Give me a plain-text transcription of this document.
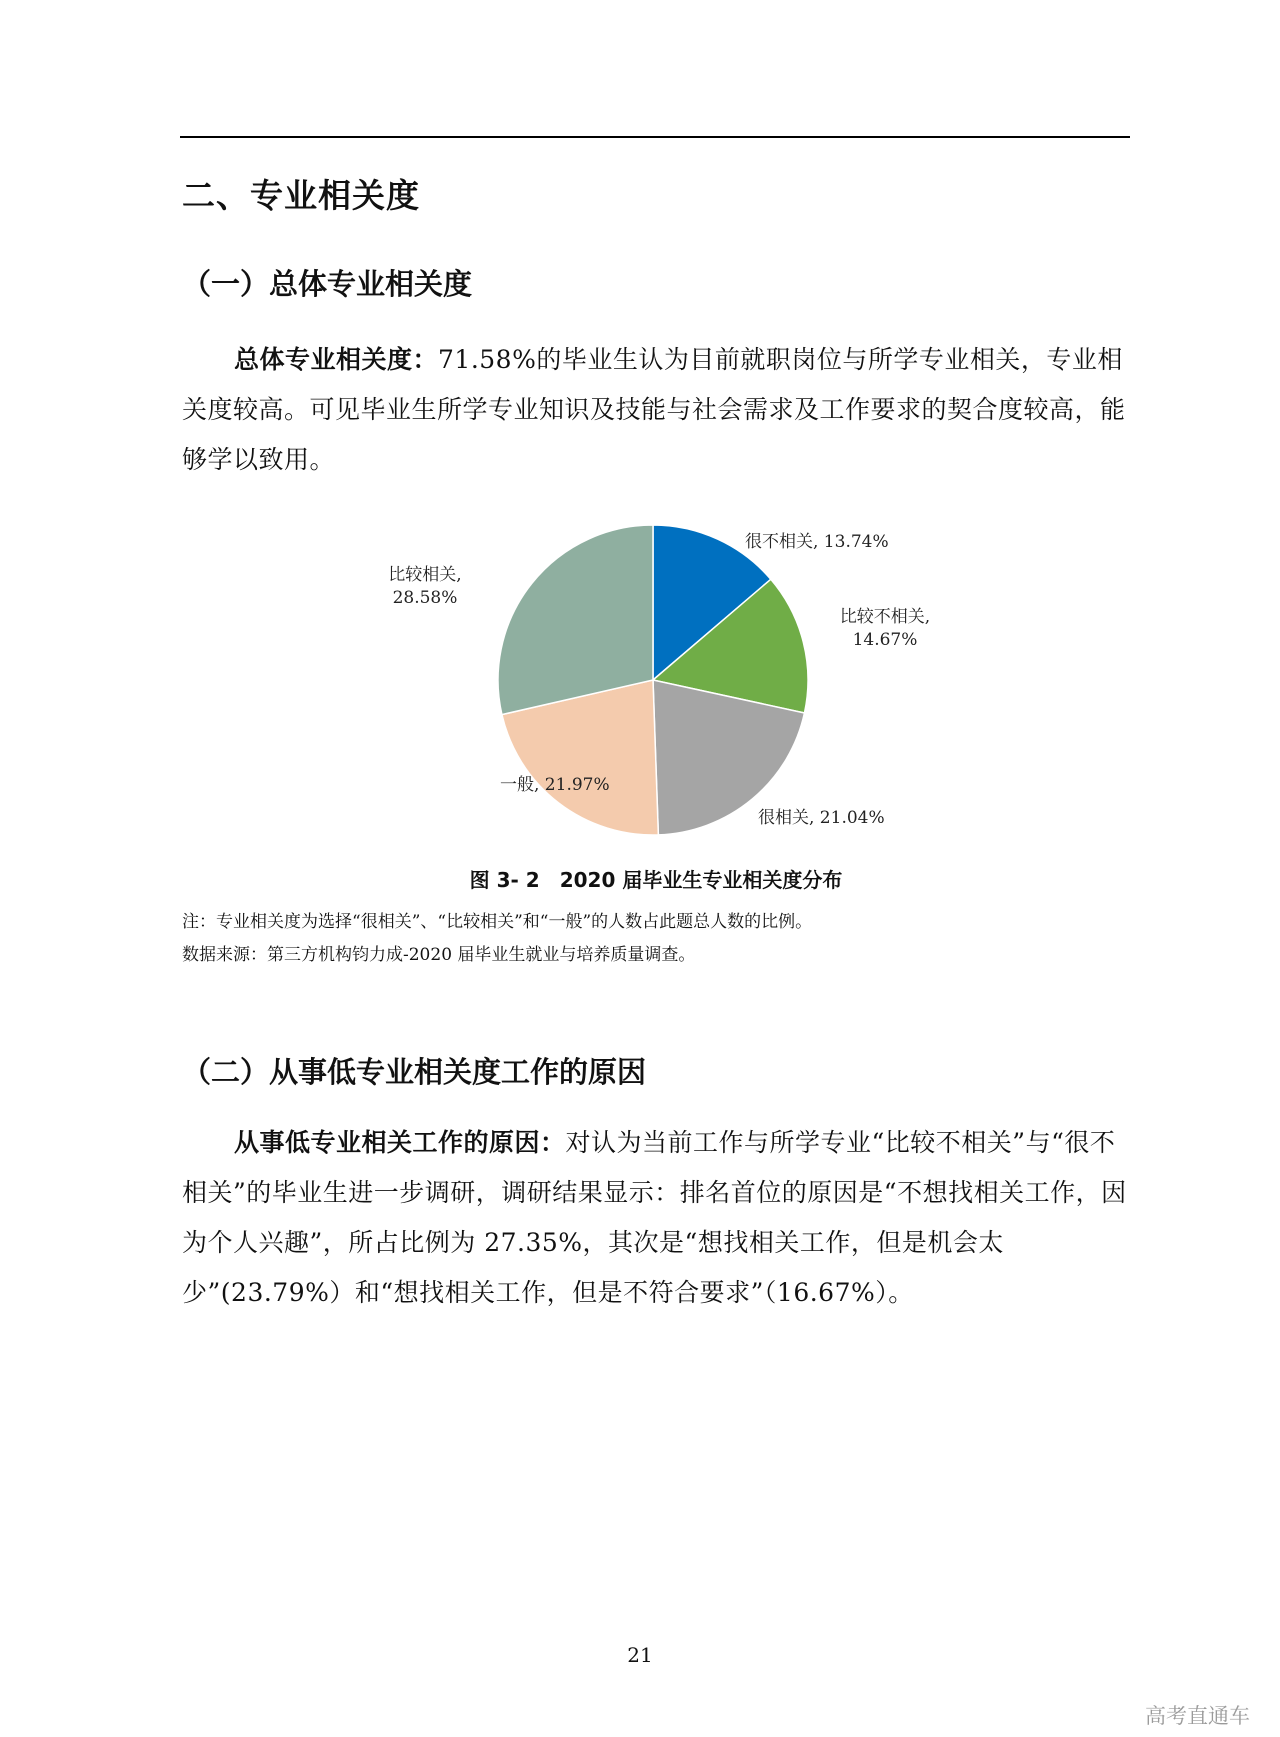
二、专业相关度
（一）总体专业相关度

总体专业相关度：71.58%的毕业生认为目前就职岗位与所学专业相关，专业相关度较高。可见毕业生所学专业知识及技能与社会需求及工作要求的契合度较高，能够学以致用。

很不相关, 13.74%
比较不相关, 14.67%
很相关, 21.04%
一般, 21.97%
比较相关, 28.58%

图 3- 2　2020 届毕业生专业相关度分布

注：专业相关度为选择“很相关”、“比较相关”和“一般”的人数占此题总人数的比例。

数据来源：第三方机构钧力成-2020 届毕业生就业与培养质量调查。

（二）从事低专业相关度工作的原因

从事低专业相关工作的原因：对认为当前工作与所学专业“比较不相关”与“很不相关”的毕业生进一步调研，调研结果显示：排名首位的原因是“不想找相关工作，因为个人兴趣”，所占比例为 27.35%，其次是“想找相关工作，但是机会太少”(23.79%）和“想找相关工作，但是不符合要求”（16.67%）。

21

高考直通车
